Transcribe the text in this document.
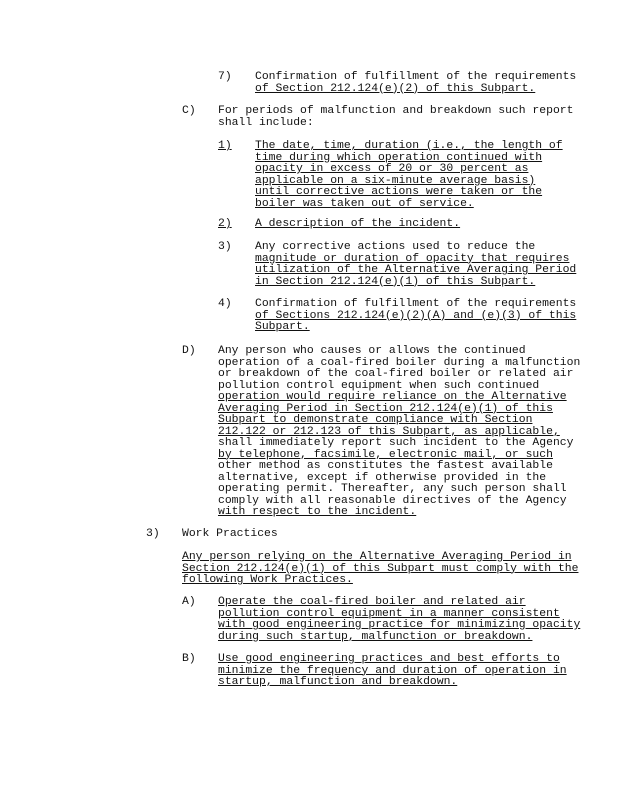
7) Confirmation of fulfillment of the requirements
of Section 212.124(e)(2) of this Subpart.
C) For periods of malfunction and breakdown such report
shall include:
1) The date, time, duration (i.e., the length of
time during which operation continued with
opacity in excess of 20 or 30 percent as
applicable on a six-minute average basis)
until corrective actions were taken or the
boiler was taken out of service.
2) A description of the incident.
3) Any corrective actions used to reduce the
magnitude or duration of opacity that requires
utilization of the Alternative Averaging Period
in Section 212.124(e)(1) of this Subpart.
4) Confirmation of fulfillment of the requirements
of Sections 212.124(e)(2)(A) and (e)(3) of this
Subpart.
D) Any person who causes or allows the continued
operation of a coal-fired boiler during a malfunction
or breakdown of the coal-fired boiler or related air
pollution control equipment when such continued
operation would require reliance on the Alternative
Averaging Period in Section 212.124(e)(1) of this
Subpart to demonstrate compliance with Section
212.122 or 212.123 of this Subpart, as applicable,
shall immediately report such incident to the Agency
by telephone, facsimile, electronic mail, or such
other method as constitutes the fastest available
alternative, except if otherwise provided in the
operating permit. Thereafter, any such person shall
comply with all reasonable directives of the Agency
with respect to the incident.
3) Work Practices
Any person relying on the Alternative Averaging Period in
Section 212.124(e)(1) of this Subpart must comply with the
following Work Practices.
A) Operate the coal-fired boiler and related air
pollution control equipment in a manner consistent
with good engineering practice for minimizing opacity
during such startup, malfunction or breakdown.
B) Use good engineering practices and best efforts to
minimize the frequency and duration of operation in
startup, malfunction and breakdown.
